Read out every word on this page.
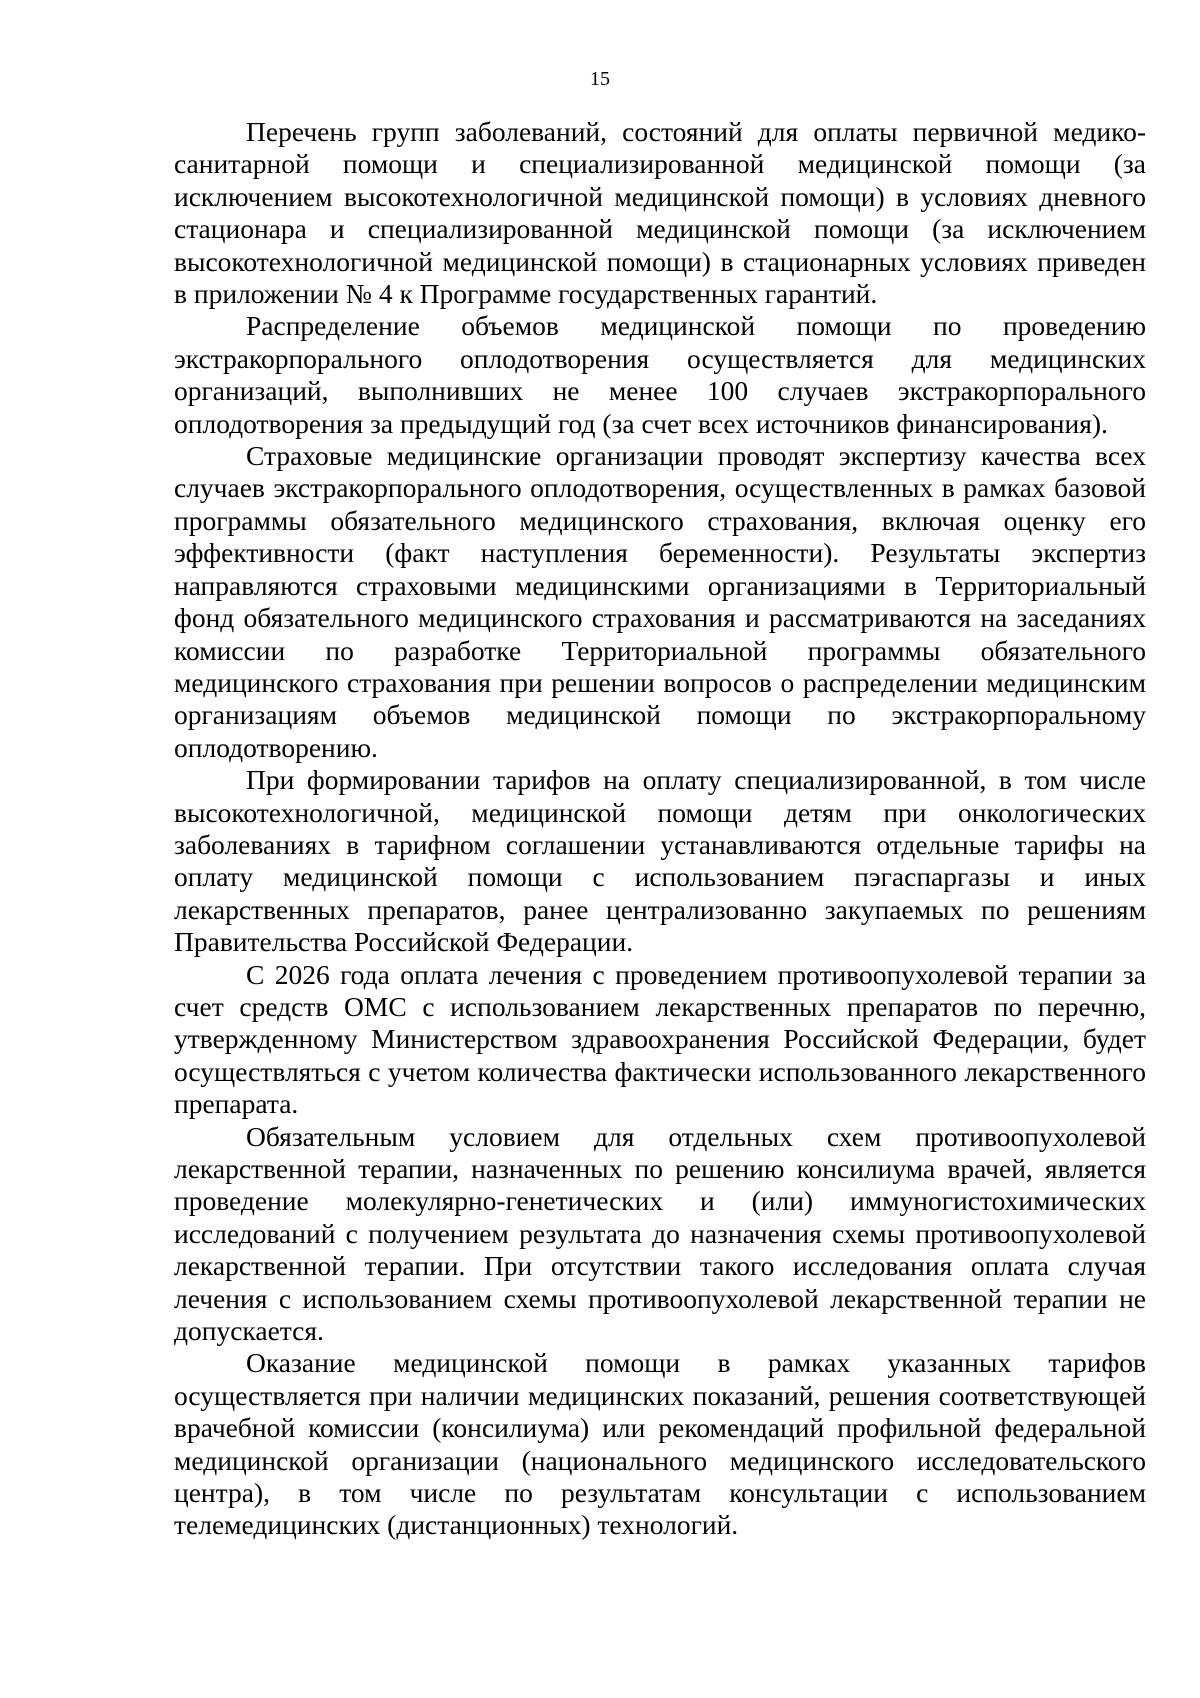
15

Перечень групп заболеваний, состояний для оплаты первичной медико-санитарной помощи и специализированной медицинской помощи (за исключением высокотехнологичной медицинской помощи) в условиях дневного стационара и специализированной медицинской помощи (за исключением высокотехнологичной медицинской помощи) в стационарных условиях приведен в приложении № 4 к Программе государственных гарантий.

Распределение объемов медицинской помощи по проведению экстракорпорального оплодотворения осуществляется для медицинских организаций, выполнивших не менее 100 случаев экстракорпорального оплодотворения за предыдущий год (за счет всех источников финансирования).

Страховые медицинские организации проводят экспертизу качества всех случаев экстракорпорального оплодотворения, осуществленных в рамках базовой программы обязательного медицинского страхования, включая оценку его эффективности (факт наступления беременности). Результаты экспертиз направляются страховыми медицинскими организациями в Территориальный фонд обязательного медицинского страхования и рассматриваются на заседаниях комиссии по разработке Территориальной программы обязательного медицинского страхования при решении вопросов о распределении медицинским организациям объемов медицинской помощи по экстракорпоральному оплодотворению.

При формировании тарифов на оплату специализированной, в том числе высокотехнологичной, медицинской помощи детям при онкологических заболеваниях в тарифном соглашении устанавливаются отдельные тарифы на оплату медицинской помощи с использованием пэгаспаргазы и иных лекарственных препаратов, ранее централизованно закупаемых по решениям Правительства Российской Федерации.

С 2026 года оплата лечения с проведением противоопухолевой терапии за счет средств ОМС с использованием лекарственных препаратов по перечню, утвержденному Министерством здравоохранения Российской Федерации, будет осуществляться с учетом количества фактически использованного лекарственного препарата.

Обязательным условием для отдельных схем противоопухолевой лекарственной терапии, назначенных по решению консилиума врачей, является проведение молекулярно-генетических и (или) иммуногистохимических исследований с получением результата до назначения схемы противоопухолевой лекарственной терапии. При отсутствии такого исследования оплата случая лечения с использованием схемы противоопухолевой лекарственной терапии не допускается.

Оказание медицинской помощи в рамках указанных тарифов осуществляется при наличии медицинских показаний, решения соответствующей врачебной комиссии (консилиума) или рекомендаций профильной федеральной медицинской организации (национального медицинского исследовательского центра), в том числе по результатам консультации с использованием телемедицинских (дистанционных) технологий.
